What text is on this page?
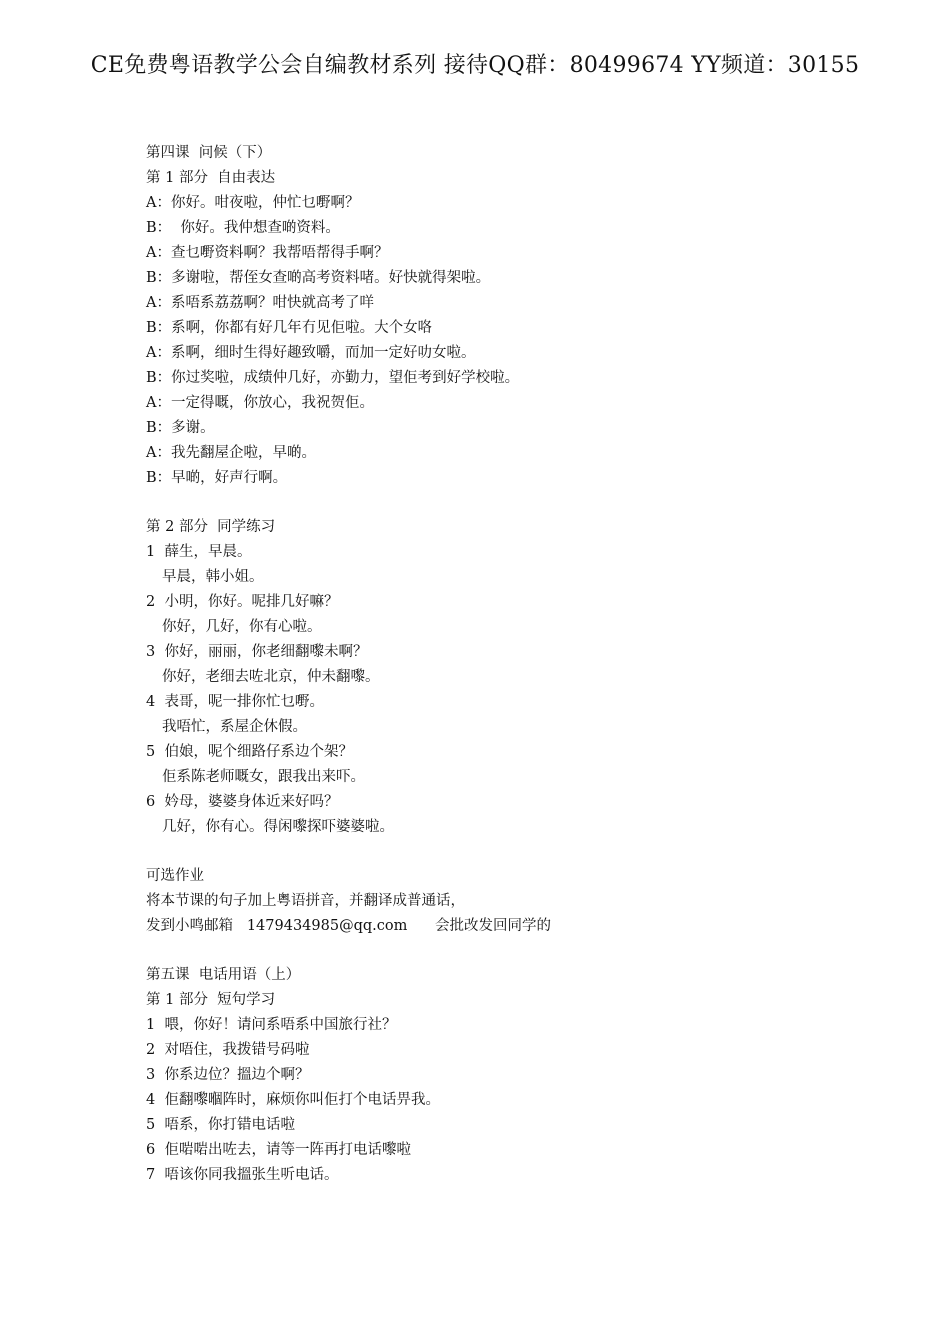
CE免费粤语教学公会自编教材系列 接待QQ群：80499674 YY频道：30155
第四课  问候（下）
第 1 部分  自由表达
A：你好。咁夜啦，仲忙乜嘢啊？
B：  你好。我仲想查啲资料。
A：查乜嘢资料啊？我帮唔帮得手啊？
B：多谢啦，帮侄女查啲高考资料啫。好快就得架啦。
A：系唔系荔荔啊？咁快就高考了咩
B：系啊，你都有好几年冇见佢啦。大个女咯
A：系啊，细时生得好趣致嚼，而加一定好叻女啦。
B：你过奖啦，成绩仲几好，亦勤力，望佢考到好学校啦。
A：一定得嘅，你放心，我祝贺佢。
B：多谢。
A：我先翻屋企啦，早啲。
B：早啲，好声行啊。
第 2 部分  同学练习
1  薛生，早晨。
早晨，韩小姐。
2  小明，你好。呢排几好嘛？
你好，几好，你有心啦。
3  你好，丽丽，你老细翻嚟未啊？
你好，老细去咗北京，仲未翻嚟。
4  表哥，呢一排你忙乜嘢。
我唔忙，系屋企休假。
5  伯娘，呢个细路仔系边个架？
佢系陈老师嘅女，跟我出来吓。
6  妗母，婆婆身体近来好吗？
几好，你有心。得闲嚟探吓婆婆啦。
可选作业
将本节课的句子加上粤语拼音，并翻译成普通话，
发到小鸣邮箱   1479434985@qq.com      会批改发回同学的
第五课  电话用语（上）
第 1 部分  短句学习
1  喂，你好！请问系唔系中国旅行社？
2  对唔住，我拨错号码啦
3  你系边位？搵边个啊？
4  佢翻嚟嗰阵时，麻烦你叫佢打个电话畀我。
5  唔系，你打错电话啦
6  佢啱啱出咗去，请等一阵再打电话嚟啦
7  唔该你同我搵张生听电话。
